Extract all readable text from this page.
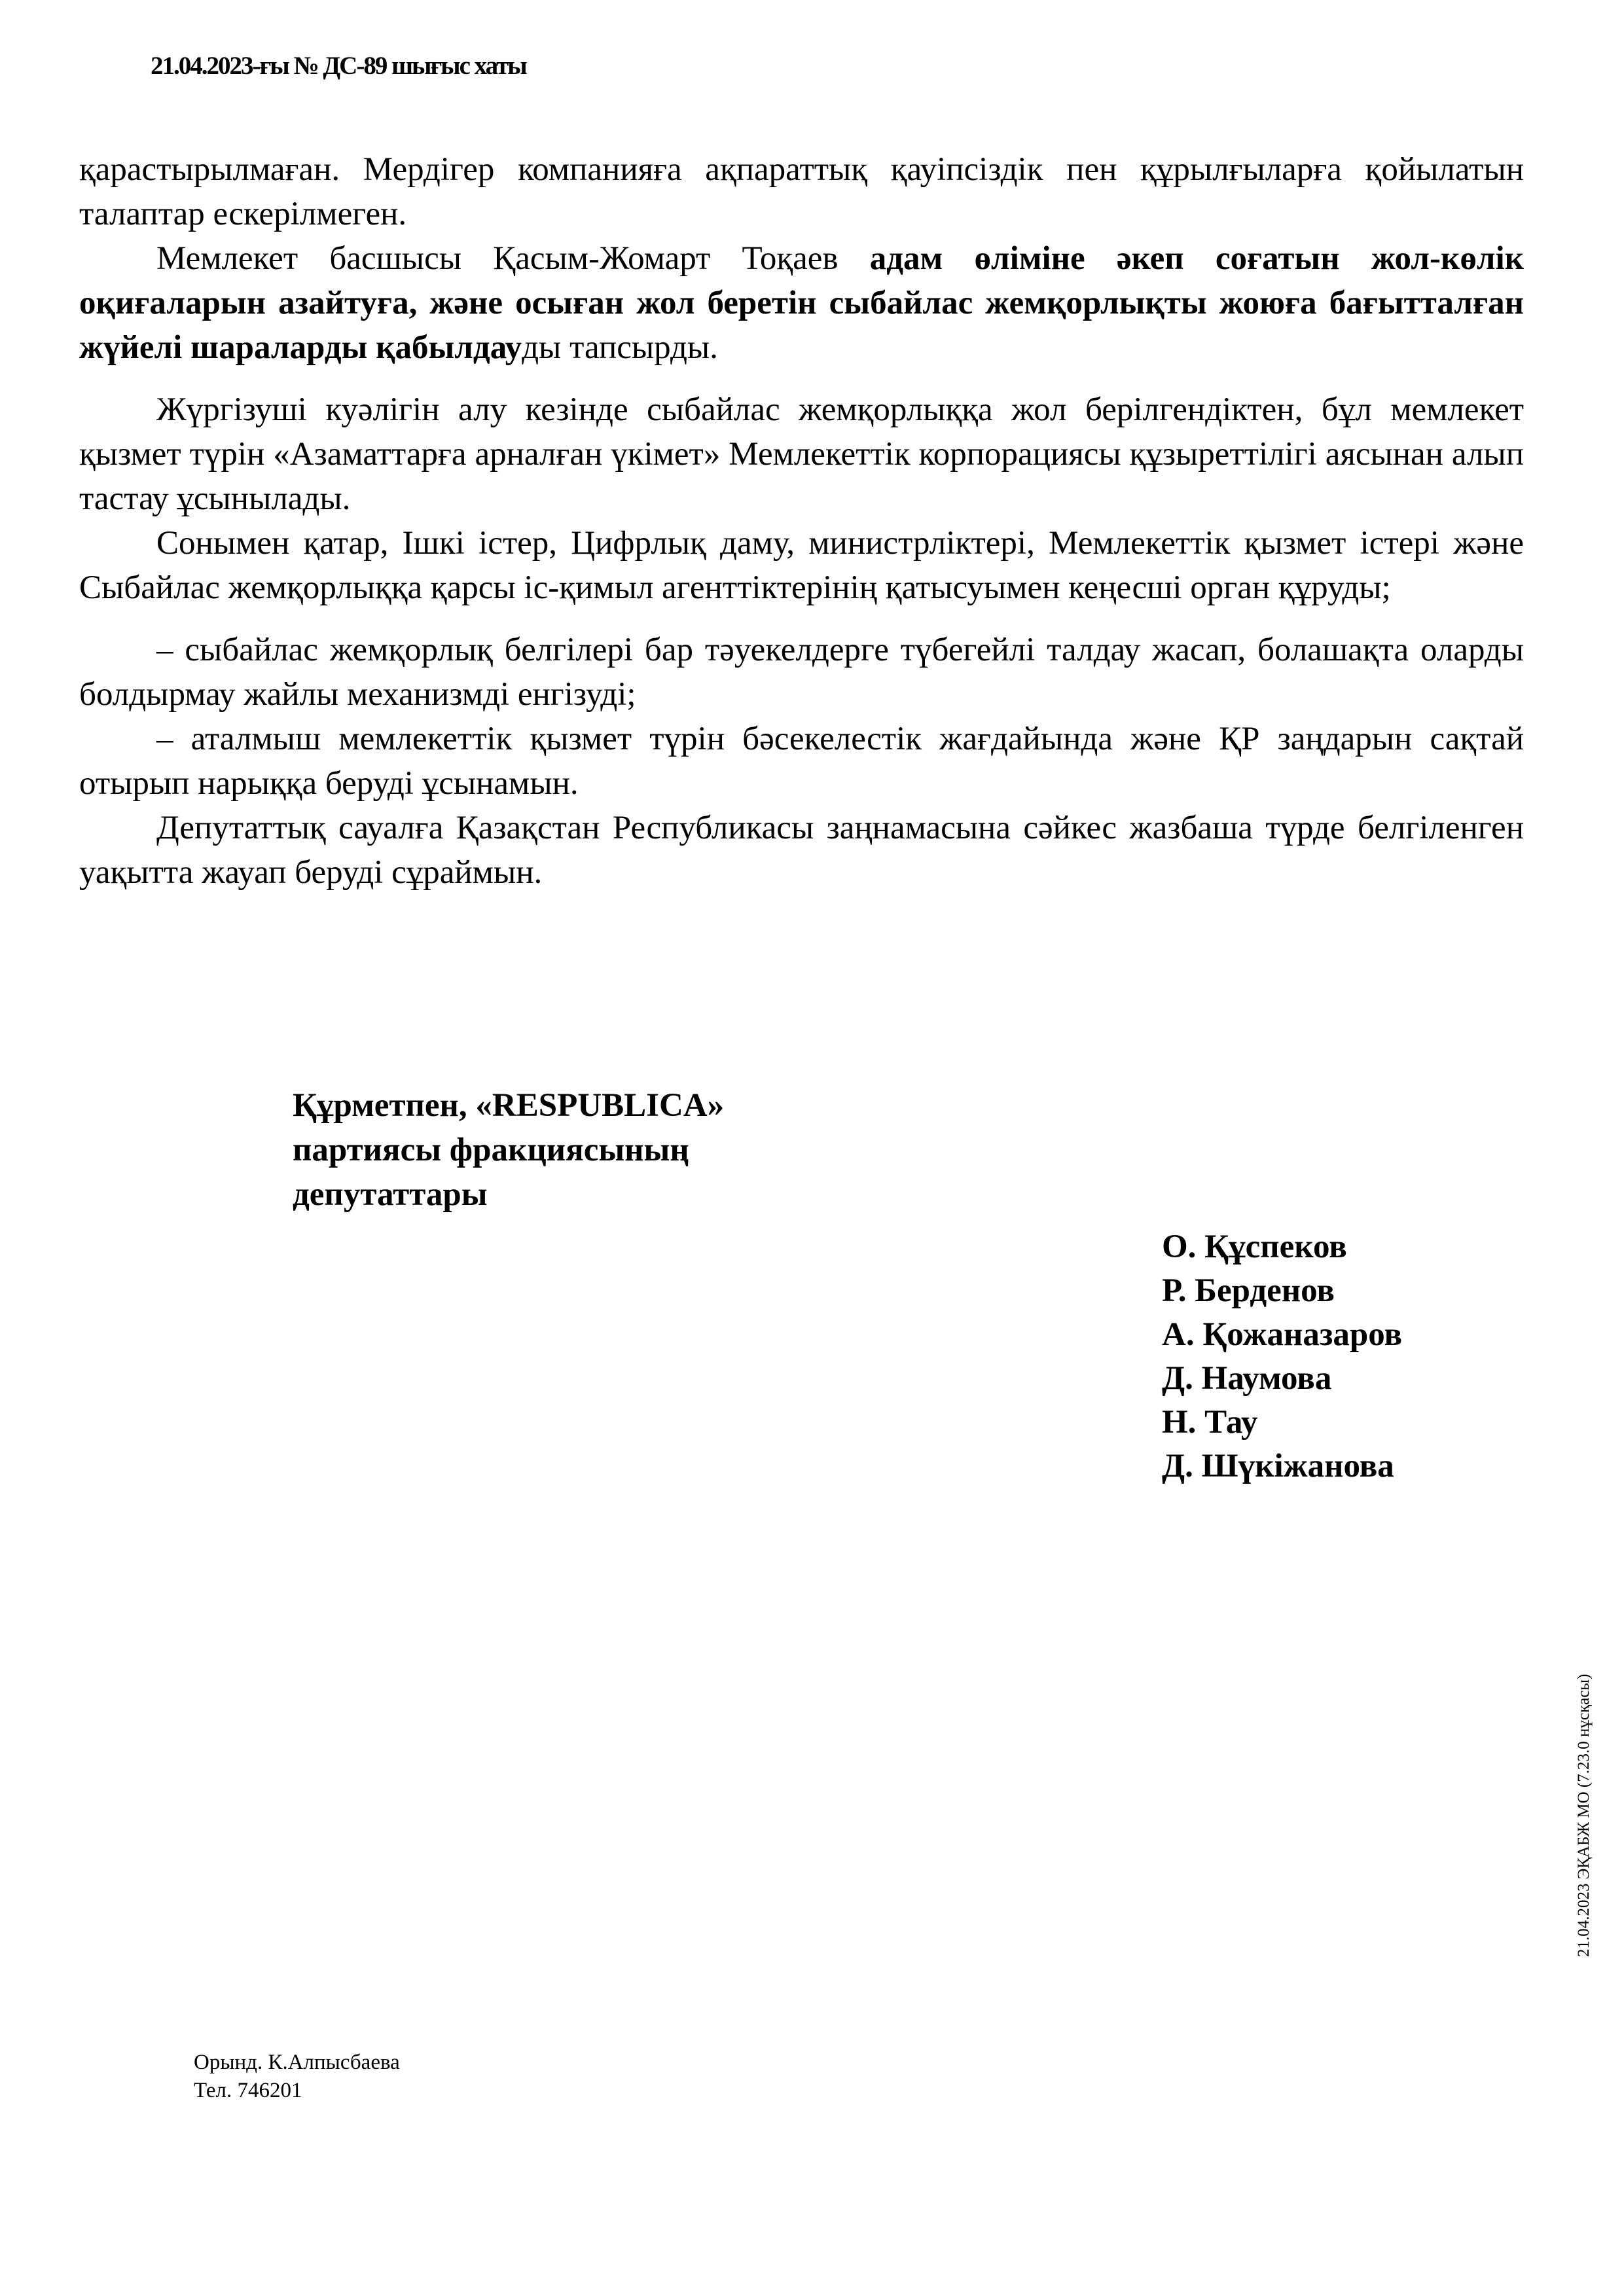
21.04.2023-ғы № ДС-89 шығыс хаты

қарастырылмаған. Мердігер компанияға ақпараттық қауіпсіздік пен құрылғыларға қойылатын талаптар ескерілмеген.

Мемлекет басшысы Қасым-Жомарт Тоқаев адам өліміне әкеп соғатын жол-көлік оқиғаларын азайтуға, және осыған жол беретін сыбайлас жемқорлықты жоюға бағытталған жүйелі шараларды қабылдауды тапсырды.

Жүргізуші куәлігін алу кезінде сыбайлас жемқорлыққа жол берілгендіктен, бұл мемлекет қызмет түрін «Азаматтарға арналған үкімет» Мемлекеттік корпорациясы құзыреттілігі аясынан алып тастау ұсынылады.

Сонымен қатар, Ішкі істер, Цифрлық даму, министрліктері, Мемлекеттік қызмет істері және Сыбайлас жемқорлыққа қарсы іс-қимыл агенттіктерінің қатысуымен кеңесші орган құруды;

– сыбайлас жемқорлық белгілері бар тәуекелдерге түбегейлі талдау жасап, болашақта оларды болдырмау жайлы механизмді енгізуді;

– аталмыш мемлекеттік қызмет түрін бәсекелестік жағдайында және ҚР заңдарын сақтай отырып нарыққа беруді ұсынамын.

Депутаттық сауалға Қазақстан Республикасы заңнамасына сәйкес жазбаша түрде белгіленген уақытта жауап беруді сұраймын.

Құрметпен, «RESPUBLICA»
партиясы фракциясының
депутаттары
О. Құспеков
Р. Берденов
А. Қожаназаров
Д. Наумова
Н. Тау
Д. Шүкіжанова
21.04.2023 ЭҚАБЖ МО (7.23.0 нұсқасы)
Орынд. К.Алпысбаева
Тел. 746201
